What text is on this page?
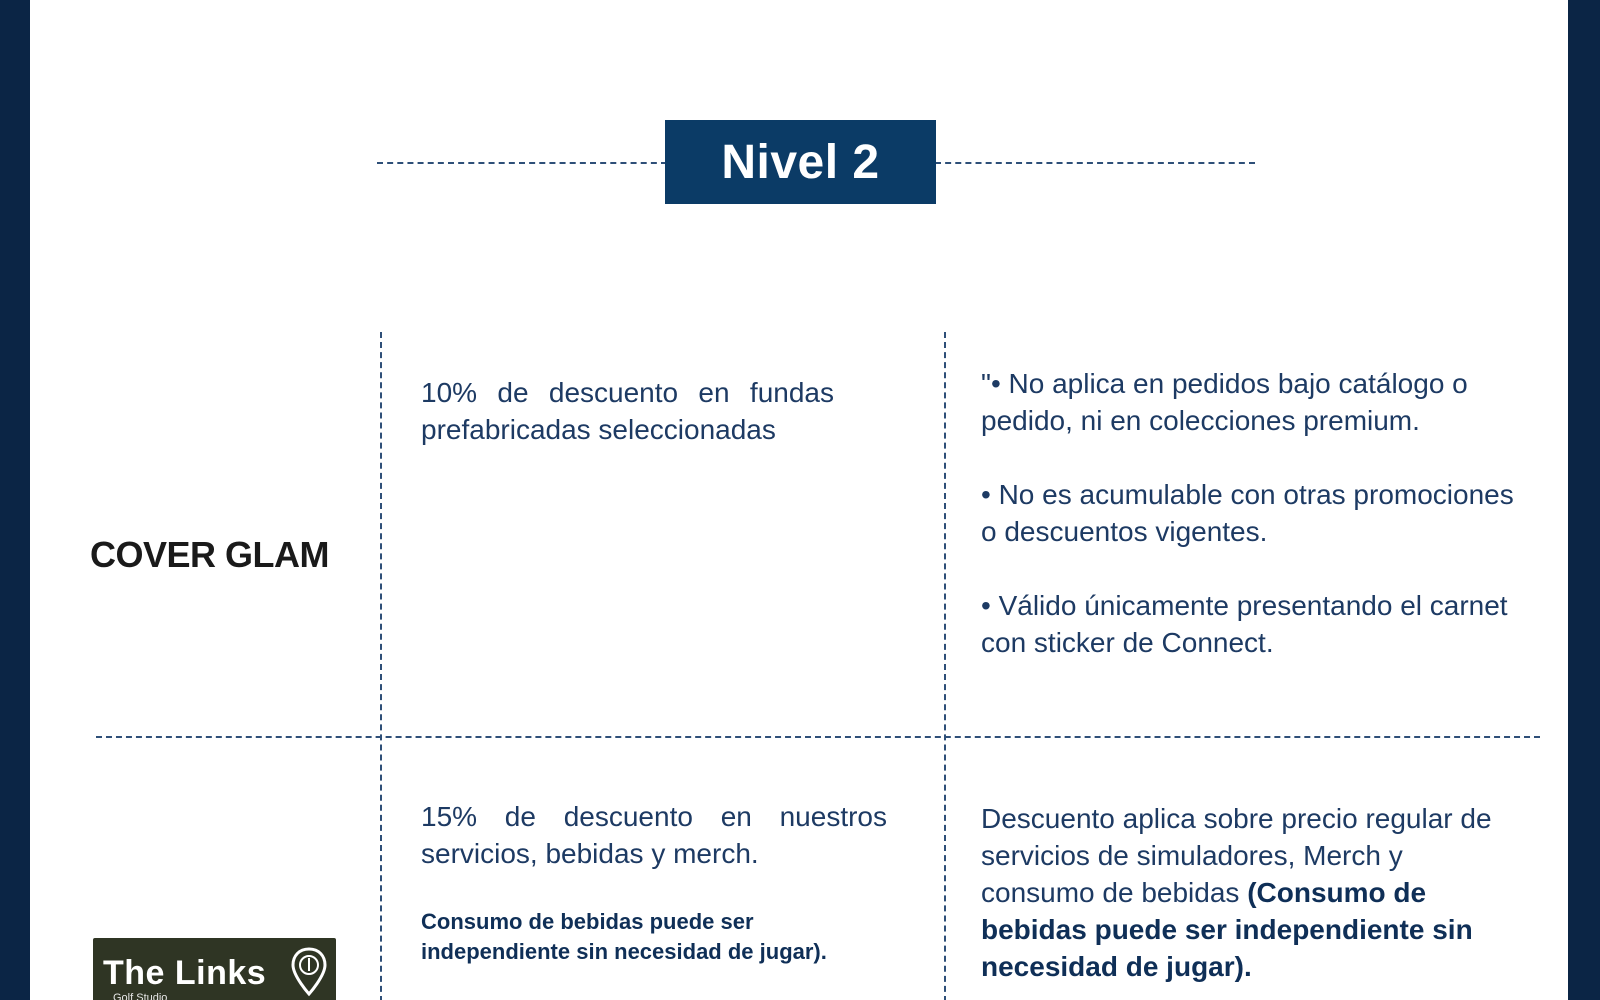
Nivel 2
COVER GLAM
10% de descuento en fundas prefabricadas seleccionadas

"• No aplica en pedidos bajo catálogo o pedido, ni en colecciones premium.

• No es acumulable con otras promociones o descuentos vigentes.

• Válido únicamente presentando el carnet con sticker de Connect.

15% de descuento en nuestros servicios, bebidas y merch.
Consumo de bebidas puede ser independiente sin necesidad de jugar).
Descuento aplica sobre precio regular de servicios de simuladores, Merch y consumo de bebidas (Consumo de bebidas puede ser independiente sin necesidad de jugar).
The Links
Golf Studio
